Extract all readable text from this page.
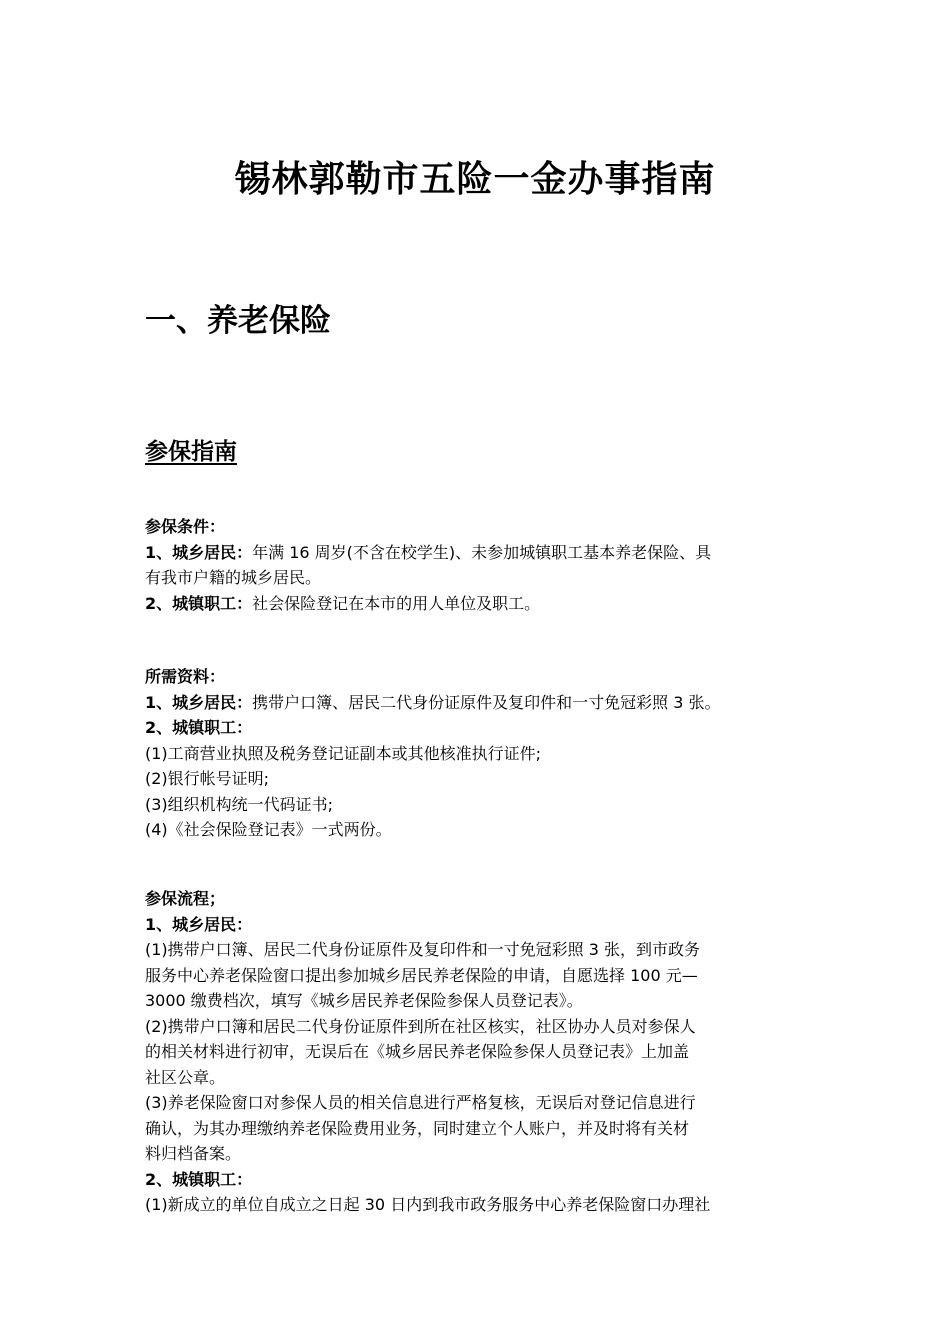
锡林郭勒市五险一金办事指南
一、养老保险
参保指南

参保条件：

1、城乡居民：年满 16 周岁(不含在校学生)、未参加城镇职工基本养老保险、具

有我市户籍的城乡居民。

2、城镇职工：社会保险登记在本市的用人单位及职工。

所需资料：

1、城乡居民：携带户口簿、居民二代身份证原件及复印件和一寸免冠彩照 3 张。

2、城镇职工：

(1)工商营业执照及税务登记证副本或其他核准执行证件;

(2)银行帐号证明;

(3)组织机构统一代码证书;

(4)《社会保险登记表》一式两份。

参保流程；

1、城乡居民：

(1)携带户口簿、居民二代身份证原件及复印件和一寸免冠彩照 3 张，到市政务

服务中心养老保险窗口提出参加城乡居民养老保险的申请，自愿选择 100 元—

3000 缴费档次，填写《城乡居民养老保险参保人员登记表》。

(2)携带户口簿和居民二代身份证原件到所在社区核实，社区协办人员对参保人

的相关材料进行初审，无误后在《城乡居民养老保险参保人员登记表》上加盖

社区公章。

(3)养老保险窗口对参保人员的相关信息进行严格复核，无误后对登记信息进行

确认，为其办理缴纳养老保险费用业务，同时建立个人账户，并及时将有关材

料归档备案。

2、城镇职工：

(1)新成立的单位自成立之日起 30 日内到我市政务服务中心养老保险窗口办理社
